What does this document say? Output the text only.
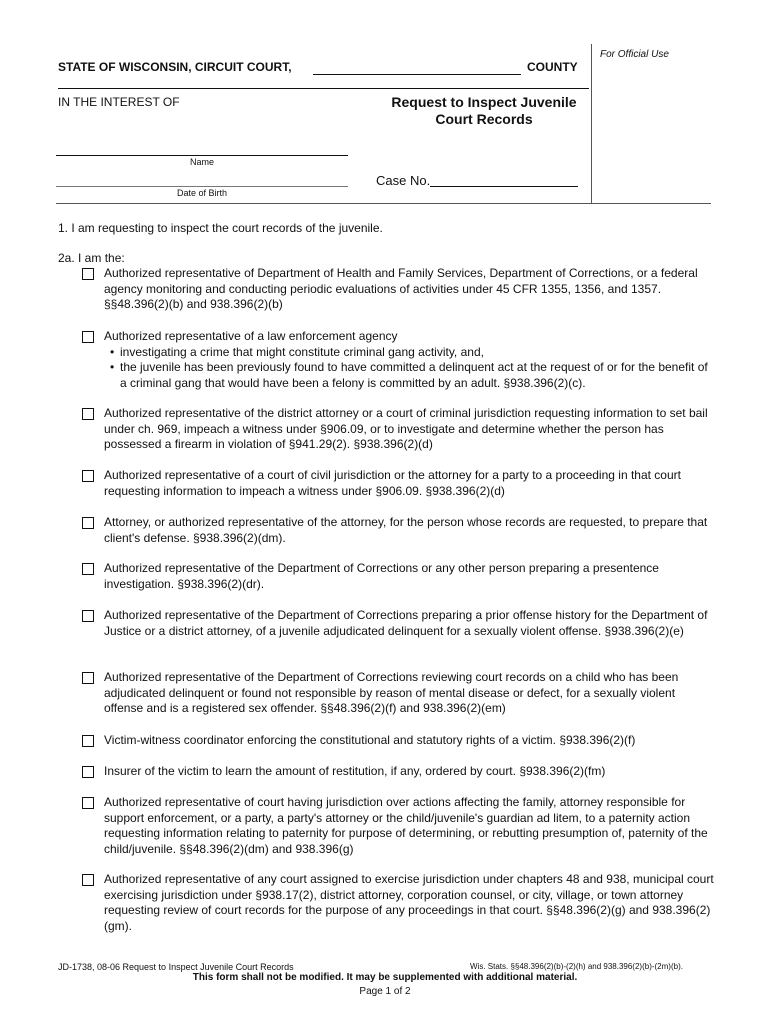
For Official Use
STATE OF WISCONSIN, CIRCUIT COURT,	COUNTY
IN THE INTEREST OF	Request to Inspect Juvenile
Court Records
Name
Date of Birth
Case No.
1. I am requesting to inspect the court records of the juvenile.
2a. I am the:
Authorized representative of Department of Health and Family Services, Department of Corrections, or a federal agency monitoring and conducting periodic evaluations of activities under 45 CFR 1355, 1356, and 1357. §§48.396(2)(b) and 938.396(2)(b)
Authorized representative of a law enforcement agency
• investigating a crime that might constitute criminal gang activity, and,
• the juvenile has been previously found to have committed a delinquent act at the request of or for the benefit of a criminal gang that would have been a felony is committed by an adult. §938.396(2)(c).
Authorized representative of the district attorney or a court of criminal jurisdiction requesting information to set bail under ch. 969, impeach a witness under §906.09, or to investigate and determine whether the person has possessed a firearm in violation of §941.29(2). §938.396(2)(d)
Authorized representative of a court of civil jurisdiction or the attorney for a party to a proceeding in that court requesting information to impeach a witness under §906.09. §938.396(2)(d)
Attorney, or authorized representative of the attorney, for the person whose records are requested, to prepare that client's defense. §938.396(2)(dm).
Authorized representative of the Department of Corrections or any other person preparing a presentence investigation. §938.396(2)(dr).
Authorized representative of the Department of Corrections preparing a prior offense history for the Department of Justice or a district attorney, of a juvenile adjudicated delinquent for a sexually violent offense. §938.396(2)(e)
Authorized representative of the Department of Corrections reviewing court records on a child who has been adjudicated delinquent or found not responsible by reason of mental disease or defect, for a sexually violent offense and is a registered sex offender. §§48.396(2)(f) and 938.396(2)(em)
Victim-witness coordinator enforcing the constitutional and statutory rights of a victim. §938.396(2)(f)
Insurer of the victim to learn the amount of restitution, if any, ordered by court. §938.396(2)(fm)
Authorized representative of court having jurisdiction over actions affecting the family, attorney responsible for support enforcement, or a party, a party's attorney or the child/juvenile's guardian ad litem, to a paternity action requesting information relating to paternity for purpose of determining, or rebutting presumption of, paternity of the child/juvenile. §§48.396(2)(dm) and 938.396(g)
Authorized representative of any court assigned to exercise jurisdiction under chapters 48 and 938, municipal court exercising jurisdiction under §938.17(2), district attorney, corporation counsel, or city, village, or town attorney requesting review of court records for the purpose of any proceedings in that court. §§48.396(2)(g) and 938.396(2)(gm).
JD-1738, 08-06 Request to Inspect Juvenile Court Records	Wis. Stats. §§48.396(2)(b)-(2)(h) and 938.396(2)(b)-(2m)(b).
This form shall not be modified. It may be supplemented with additional material.
Page 1 of 2
